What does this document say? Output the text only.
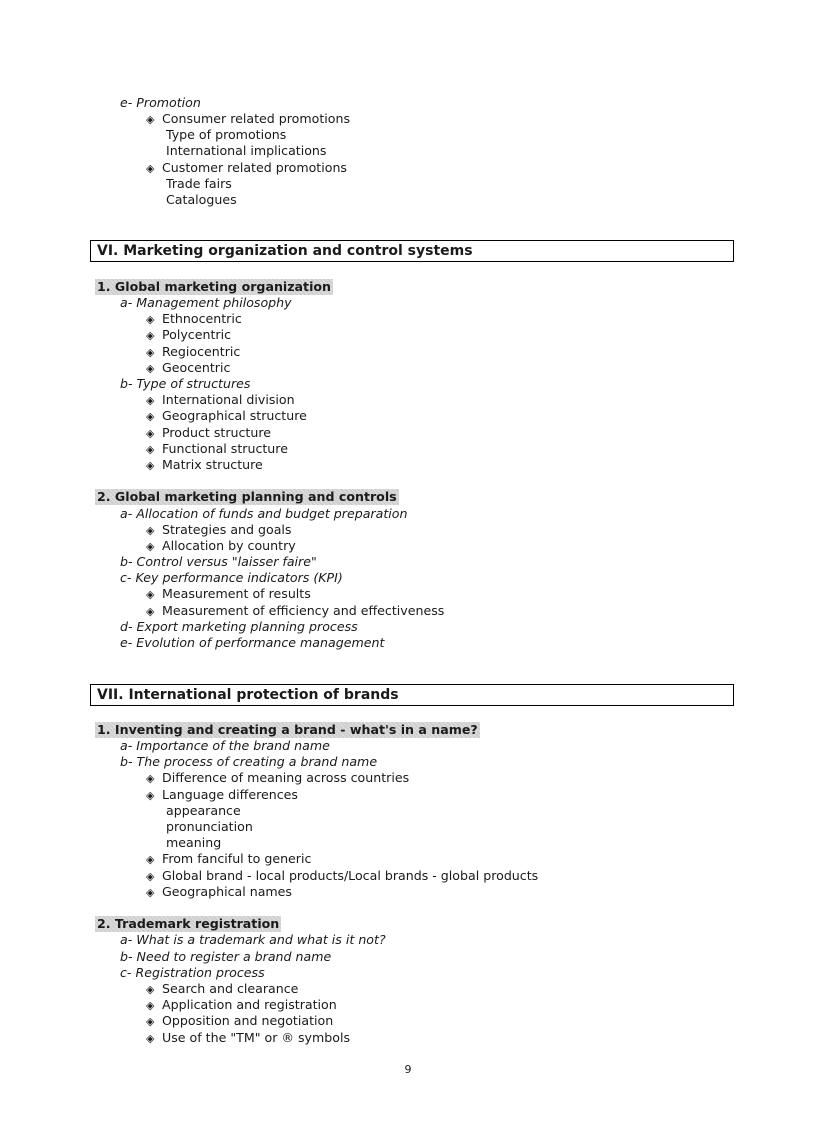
e- Promotion
◈ Consumer related promotions
Type of promotions
International implications
◈ Customer related promotions
Trade fairs
Catalogues
VI. Marketing organization and control systems
1. Global marketing organization
a- Management philosophy
◈ Ethnocentric
◈ Polycentric
◈ Regiocentric
◈ Geocentric
b- Type of structures
◈ International division
◈ Geographical structure
◈ Product structure
◈ Functional structure
◈ Matrix structure
2. Global marketing planning and controls
a- Allocation of funds and budget preparation
◈ Strategies and goals
◈ Allocation by country
b- Control versus "laisser faire"
c- Key performance indicators (KPI)
◈ Measurement of results
◈ Measurement of efficiency and effectiveness
d- Export marketing planning process
e- Evolution of performance management
VII. International protection of brands
1. Inventing and creating a brand - what's in a name?
a- Importance of the brand name
b- The process of creating a brand name
◈ Difference of meaning across countries
◈ Language differences
appearance
pronunciation
meaning
◈ From fanciful to generic
◈ Global brand - local products/Local brands - global products
◈ Geographical names
2. Trademark registration
a- What is a trademark and what is it not?
b- Need to register a brand name
c- Registration process
◈ Search and clearance
◈ Application and registration
◈ Opposition and negotiation
◈ Use of the "TM" or ® symbols
9
